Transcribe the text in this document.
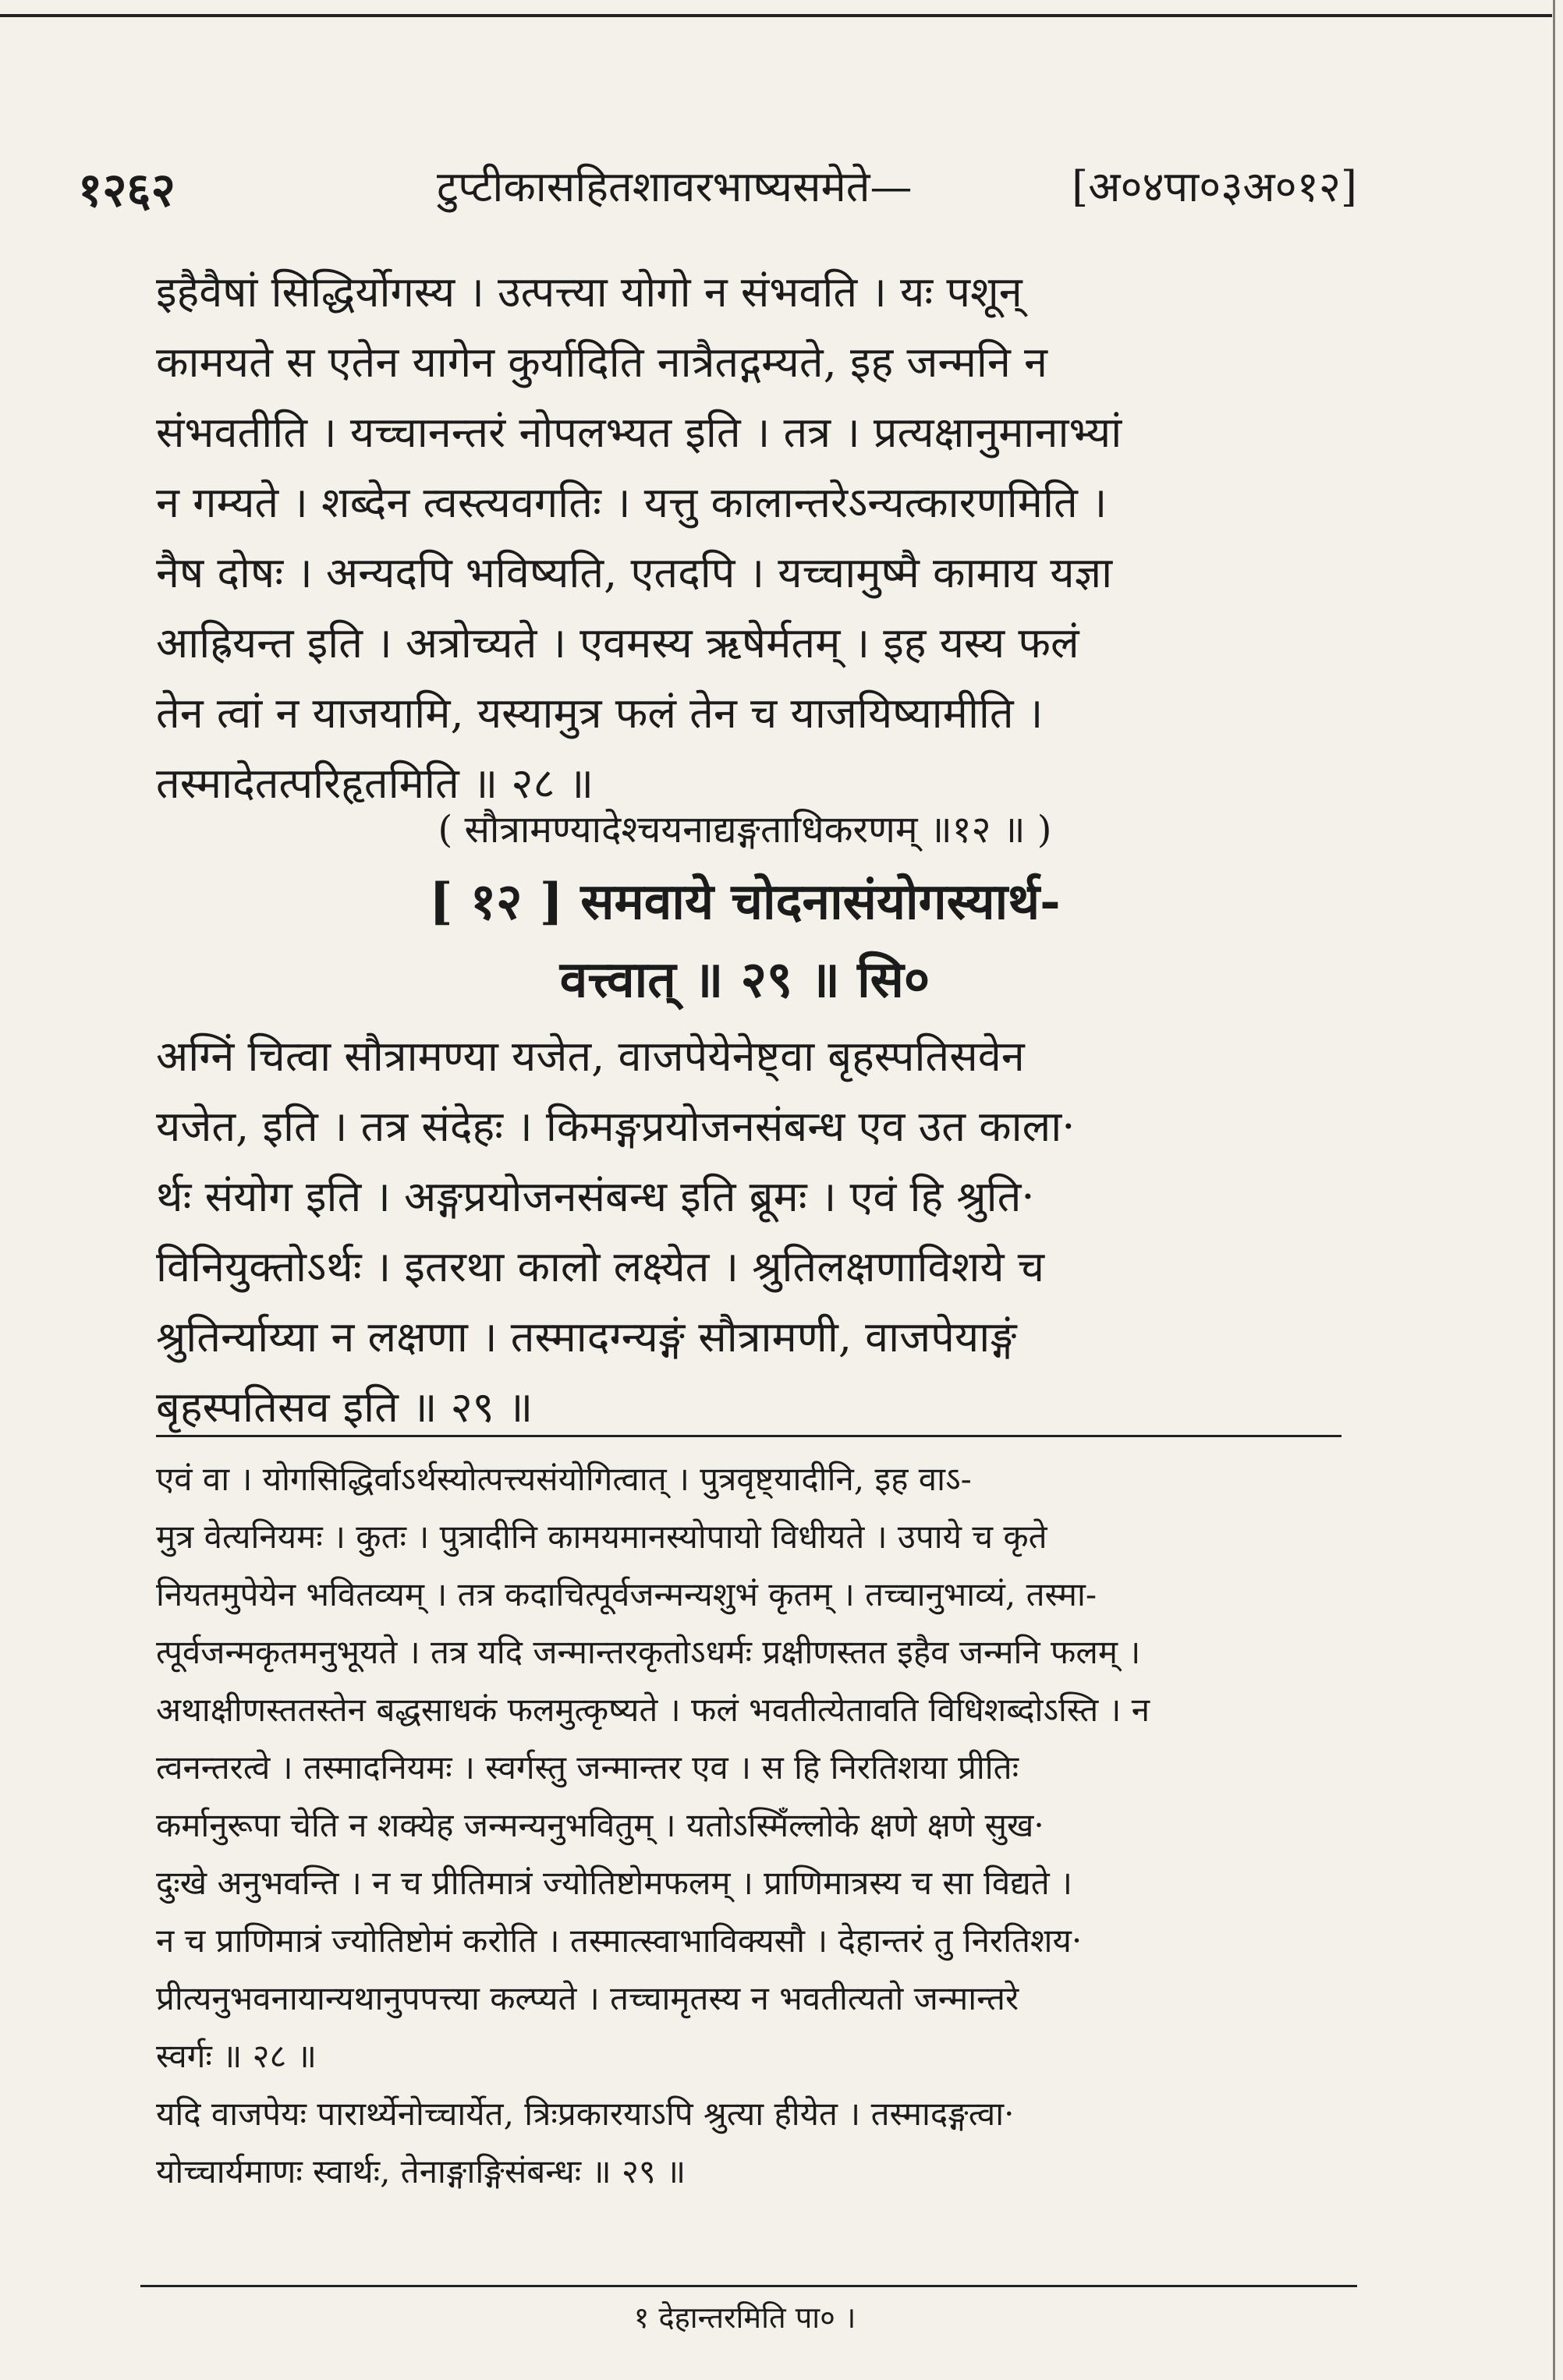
१२६२	टुप्टीकासहितशावरभाष्यसमेते—	[अ०४पा०३अ०१२]
इहैवैषां सिद्धिर्योगस्य । उत्पत्त्या योगो न संभवति । यः पशून्
कामयते स एतेन यागेन कुर्यादिति नात्रैतद्गम्यते, इह जन्मनि न
संभवतीति । यच्चानन्तरं नोपलभ्यत इति । तत्र । प्रत्यक्षानुमानाभ्यां
न गम्यते । शब्देन त्वस्त्यवगतिः । यत्तु कालान्तरेऽन्यत्कारणमिति ।
नैष दोषः । अन्यदपि भविष्यति, एतदपि । यच्चामुष्मै कामाय यज्ञा
आह्रियन्त इति । अत्रोच्यते । एवमस्य ऋषेर्मतम् । इह यस्य फलं
तेन त्वां न याजयामि, यस्यामुत्र फलं तेन च याजयिष्यामीति ।
तस्मादेतत्परिहृतमिति ॥ २८ ॥
( सौत्रामण्यादेश्चयनाद्यङ्गताधिकरणम् ॥१२ ॥ )
[ १२ ] समवाये चोदनासंयोगस्यार्थ-
वत्त्वात् ॥ २९ ॥ सि०
अग्निं चित्वा सौत्रामण्या यजेत, वाजपेयेनेष्ट्वा बृहस्पतिसवेन
यजेत, इति । तत्र संदेहः । किमङ्गप्रयोजनसंबन्ध एव उत काला·
र्थः संयोग इति । अङ्गप्रयोजनसंबन्ध इति ब्रूमः । एवं हि श्रुति·
विनियुक्तोऽर्थः । इतरथा कालो लक्ष्येत । श्रुतिलक्षणाविशये च
श्रुतिर्न्याय्या न लक्षणा । तस्मादग्न्यङ्गं सौत्रामणी, वाजपेयाङ्गं
बृहस्पतिसव इति ॥ २९ ॥
एवं वा । योगसिद्धिर्वाऽर्थस्योत्पत्त्यसंयोगित्वात् । पुत्रवृष्ट्यादीनि, इह वाऽ-
मुत्र वेत्यनियमः । कुतः । पुत्रादीनि कामयमानस्योपायो विधीयते । उपाये च कृते
नियतमुपेयेन भवितव्यम् । तत्र कदाचित्पूर्वजन्मन्यशुभं कृतम् । तच्चानुभाव्यं, तस्मा-
त्पूर्वजन्मकृतमनुभूयते । तत्र यदि जन्मान्तरकृतोऽधर्मः प्रक्षीणस्तत इहैव जन्मनि फलम् ।
अथाक्षीणस्ततस्तेन बद्धसाधकं फलमुत्कृष्यते । फलं भवतीत्येतावति विधिशब्दोऽस्ति । न
त्वनन्तरत्वे । तस्मादनियमः । स्वर्गस्तु जन्मान्तर एव । स हि निरतिशया प्रीतिः
कर्मानुरूपा चेति न शक्येह जन्मन्यनुभवितुम् । यतोऽस्मिँल्लोके क्षणे क्षणे सुख·
दुःखे अनुभवन्ति । न च प्रीतिमात्रं ज्योतिष्टोमफलम् । प्राणिमात्रस्य च सा विद्यते ।
न च प्राणिमात्रं ज्योतिष्टोमं करोति । तस्मात्स्वाभाविक्यसौ । देहान्तरं तु निरतिशय·
प्रीत्यनुभवनायान्यथानुपपत्त्या कल्प्यते । तच्चामृतस्य न भवतीत्यतो जन्मान्तरे
स्वर्गः ॥ २८ ॥
यदि वाजपेयः पारार्थ्येनोच्चार्येत, त्रिःप्रकारयाऽपि श्रुत्या हीयेत । तस्मादङ्गत्वा·
योच्चार्यमाणः स्वार्थः, तेनाङ्गाङ्गिसंबन्धः ॥ २९ ॥
१ देहान्तरमिति पा० ।
